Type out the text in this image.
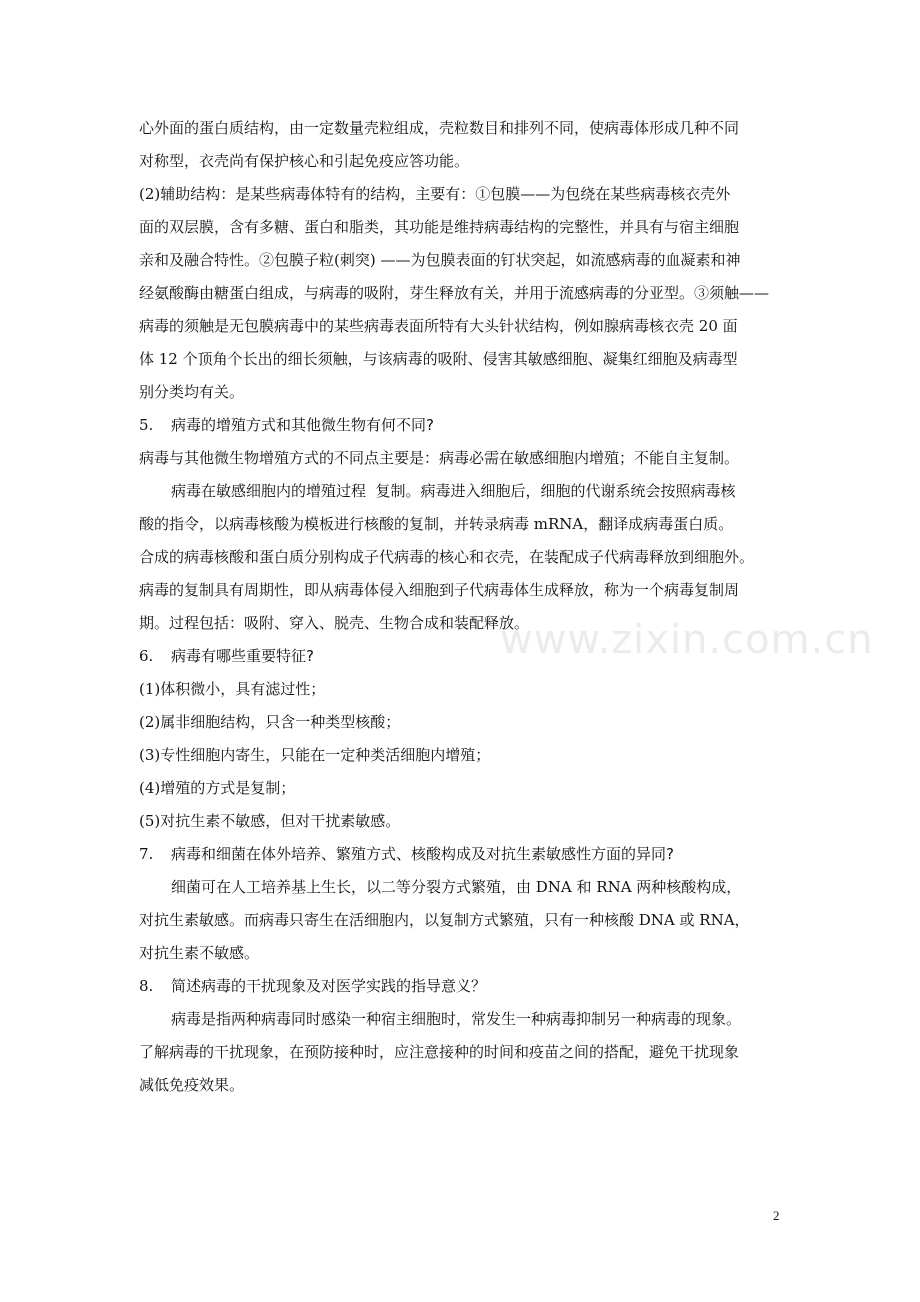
www.zixin.com.cn

心外面的蛋白质结构，由一定数量壳粒组成，壳粒数目和排列不同，使病毒体形成几种不同

对称型，衣壳尚有保护核心和引起免疫应答功能。

(2)辅助结构：是某些病毒体特有的结构，主要有：①包膜——为包绕在某些病毒核衣壳外

面的双层膜，含有多糖、蛋白和脂类，其功能是维持病毒结构的完整性，并具有与宿主细胞

亲和及融合特性。②包膜子粒(刺突) ——为包膜表面的钉状突起，如流感病毒的血凝素和神

经氨酸酶由糖蛋白组成，与病毒的吸附，芽生释放有关，并用于流感病毒的分亚型。③须触——

病毒的须触是无包膜病毒中的某些病毒表面所特有大头针状结构，例如腺病毒核衣壳 20 面

体 12 个顶角个长出的细长须触，与该病毒的吸附、侵害其敏感细胞、凝集红细胞及病毒型

别分类均有关。

5. 病毒的增殖方式和其他微生物有何不同?

病毒与其他微生物增殖方式的不同点主要是：病毒必需在敏感细胞内增殖；不能自主复制。

病毒在敏感细胞内的增殖过程  复制。病毒进入细胞后，细胞的代谢系统会按照病毒核

酸的指令，以病毒核酸为模板进行核酸的复制，并转录病毒 mRNA，翻译成病毒蛋白质。

合成的病毒核酸和蛋白质分别构成子代病毒的核心和衣壳，在装配成子代病毒释放到细胞外。

病毒的复制具有周期性，即从病毒体侵入细胞到子代病毒体生成释放，称为一个病毒复制周

期。过程包括：吸附、穿入、脱壳、生物合成和装配释放。

6. 病毒有哪些重要特征?

(1)体积微小，具有滤过性；

(2)属非细胞结构，只含一种类型核酸；

(3)专性细胞内寄生，只能在一定种类活细胞内增殖；

(4)增殖的方式是复制；

(5)对抗生素不敏感，但对干扰素敏感。

7. 病毒和细菌在体外培养、繁殖方式、核酸构成及对抗生素敏感性方面的异同?

细菌可在人工培养基上生长，以二等分裂方式繁殖，由 DNA 和 RNA 两种核酸构成，

对抗生素敏感。而病毒只寄生在活细胞内，以复制方式繁殖，只有一种核酸 DNA 或 RNA，

对抗生素不敏感。

8. 简述病毒的干扰现象及对医学实践的指导意义？

病毒是指两种病毒同时感染一种宿主细胞时，常发生一种病毒抑制另一种病毒的现象。

了解病毒的干扰现象，在预防接种时，应注意接种的时间和疫苗之间的搭配，避免干扰现象

减低免疫效果。

2
